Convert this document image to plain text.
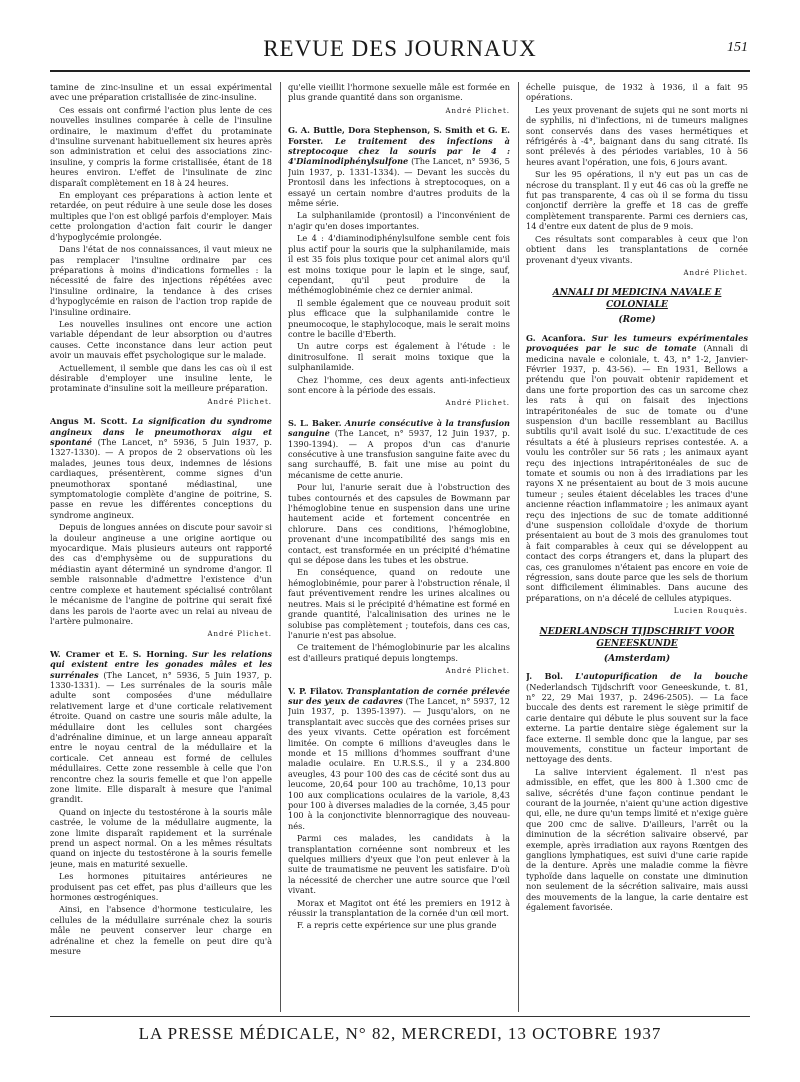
REVUE DES JOURNAUX	151

tamine de zinc-insuline et un essai expérimental avec une préparation cristallisée de zinc-insuline.

Ces essais ont confirmé l'action plus lente de ces nouvelles insulines comparée à celle de l'insuline ordinaire, le maximum d'effet du protaminate d'insuline survenant habituellement six heures après son administration et celui des associations zinc-insuline, y compris la forme cristallisée, étant de 18 heures environ. L'effet de l'insulinate de zinc disparaît complètement en 18 à 24 heures.

En employant ces préparations à action lente et retardée, on peut réduire à une seule dose les doses multiples que l'on est obligé parfois d'employer. Mais cette prolongation d'action fait courir le danger d'hypoglycémie prolongée.

Dans l'état de nos connaissances, il vaut mieux ne pas remplacer l'insuline ordinaire par ces préparations à moins d'indications formelles : la nécessité de faire des injections répétées avec l'insuline ordinaire, la tendance à des crises d'hypoglycémie en raison de l'action trop rapide de l'insuline ordinaire.

Les nouvelles insulines ont encore une action variable dépendant de leur absorption ou d'autres causes. Cette inconstance dans leur action peut avoir un mauvais effet psychologique sur le malade.

Actuellement, il semble que dans les cas où il est désirable d'employer une insuline lente, le protaminate d'insuline soit la meilleure préparation.

André Plichet.

Angus M. Scott. La signification du syndrome angineux dans le pneumothorax aigu et spontané (The Lancet, n° 5936, 5 Juin 1937, p. 1327-1330). — A propos de 2 observations où les malades, jeunes tous deux, indemnes de lésions cardiaques, présentèrent, comme signes d'un pneumothorax spontané médiastinal, une symptomatologie complète d'angine de poitrine, S. passe en revue les différentes conceptions du syndrome angineux.

Depuis de longues années on discute pour savoir si la douleur angineuse a une origine aortique ou myocardique. Mais plusieurs auteurs ont rapporté des cas d'emphysème ou de suppurations du médiastin ayant déterminé un syndrome d'angor. Il semble raisonnable d'admettre l'existence d'un centre complexe et hautement spécialisé contrôlant le mécanisme de l'angine de poitrine qui serait fixé dans les parois de l'aorte avec un relai au niveau de l'artère pulmonaire.

André Plichet.

W. Cramer et E. S. Horning. Sur les relations qui existent entre les gonades mâles et les surrénales (The Lancet, n° 5936, 5 Juin 1937, p. 1330-1331). — Les surrénales de la souris mâle adulte sont composées d'une médullaire relativement large et d'une corticale relativement étroite. Quand on castre une souris mâle adulte, la médullaire dont les cellules sont chargées d'adrénaline diminue, et un large anneau apparaît entre le noyau central de la médullaire et la corticale. Cet anneau est formé de cellules médullaires. Cette zone ressemble à celle que l'on rencontre chez la souris femelle et que l'on appelle zone limite. Elle disparaît à mesure que l'animal grandit.

Quand on injecte du testostérone à la souris mâle castrée, le volume de la médullaire augmente, la zone limite disparaît rapidement et la surrénale prend un aspect normal. On a les mêmes résultats quand on injecte du testostérone à la souris femelle jeune, mais en maturité sexuelle.

Les hormones pituitaires antérieures ne produisent pas cet effet, pas plus d'ailleurs que les hormones œstrogéniques.

Ainsi, en l'absence d'hormone testiculaire, les cellules de la médullaire surrénale chez la souris mâle ne peuvent conserver leur charge en adrénaline et chez la femelle on peut dire qu'à mesure

qu'elle vieillit l'hormone sexuelle mâle est formée en plus grande quantité dans son organisme.

André Plichet.

G. A. Buttle, Dora Stephenson, S. Smith et G. E. Forster. Le traitement des infections à streptocoque chez la souris par le 4 : 4'Diaminodiphénylsulfone (The Lancet, n° 5936, 5 Juin 1937, p. 1331-1334). — Devant les succès du Prontosil dans les infections à streptocoques, on a essayé un certain nombre d'autres produits de la même série.

La sulphanilamide (prontosil) a l'inconvénient de n'agir qu'en doses importantes.

Le 4 : 4'diaminodiphénylsulfone semble cent fois plus actif pour la souris que la sulphanilamide, mais il est 35 fois plus toxique pour cet animal alors qu'il est moins toxique pour le lapin et le singe, sauf, cependant, qu'il peut produire de la méthémoglobinémie chez ce dernier animal.

Il semble également que ce nouveau produit soit plus efficace que la sulphanilamide contre le pneumocoque, le staphylocoque, mais le serait moins contre le bacille d'Eberth.

Un autre corps est également à l'étude : le dinitrosulfone. Il serait moins toxique que la sulphanilamide.

Chez l'homme, ces deux agents anti-infectieux sont encore à la période des essais.

André Plichet.

S. L. Baker. Anurie consécutive à la transfusion sanguine (The Lancet, n° 5937, 12 Juin 1937, p. 1390-1394). — A propos d'un cas d'anurie consécutive à une transfusion sanguine faite avec du sang surchauffé, B. fait une mise au point du mécanisme de cette anurie.

Pour lui, l'anurie serait due à l'obstruction des tubes contournés et des capsules de Bowmann par l'hémoglobine tenue en suspension dans une urine hautement acide et fortement concentrée en chlorure. Dans ces conditions, l'hémoglobine, provenant d'une incompatibilité des sangs mis en contact, est transformée en un précipité d'hématine qui se dépose dans les tubes et les obstrue.

En conséquence, quand on redoute une hémoglobinémie, pour parer à l'obstruction rénale, il faut préventivement rendre les urines alcalines ou neutres. Mais si le précipité d'hématine est formé en grande quantité, l'alcalinisation des urines ne le solubise pas complètement ; toutefois, dans ces cas, l'anurie n'est pas absolue.

Ce traitement de l'hémoglobinurie par les alcalins est d'ailleurs pratiqué depuis longtemps.

André Plichet.

V. P. Filatov. Transplantation de cornée prélevée sur des yeux de cadavres (The Lancet, n° 5937, 12 Juin 1937, p. 1395-1397). — Jusqu'alors, on ne transplantait avec succès que des cornées prises sur des yeux vivants. Cette opération est forcément limitée. On compte 6 millions d'aveugles dans le monde et 15 millions d'hommes souffrant d'une maladie oculaire. En U.R.S.S., il y a 234.800 aveugles, 43 pour 100 des cas de cécité sont dus au leucome, 20,64 pour 100 au trachôme, 10,13 pour 100 aux complications oculaires de la variole, 8,43 pour 100 à diverses maladies de la cornée, 3,45 pour 100 à la conjonctivite blennorragique des nouveau-nés.

Parmi ces malades, les candidats à la transplantation cornéenne sont nombreux et les quelques milliers d'yeux que l'on peut enlever à la suite de traumatisme ne peuvent les satisfaire. D'où la nécessité de chercher une autre source que l'œil vivant.

Morax et Magitot ont été les premiers en 1912 à réussir la transplantation de la cornée d'un œil mort.

F. a repris cette expérience sur une plus grande

échelle puisque, de 1932 à 1936, il a fait 95 opérations.

Les yeux provenant de sujets qui ne sont morts ni de syphilis, ni d'infections, ni de tumeurs malignes sont conservés dans des vases hermétiques et réfrigérés à -4°, baignant dans du sang citraté. Ils sont prélevés à des périodes variables, 10 à 56 heures avant l'opération, une fois, 6 jours avant.

Sur les 95 opérations, il n'y eut pas un cas de nécrose du transplant. Il y eut 46 cas où la greffe ne fut pas transparente, 4 cas où il se forma du tissu conjonctif derrière la greffe et 18 cas de greffe complètement transparente. Parmi ces derniers cas, 14 d'entre eux datent de plus de 9 mois.

Ces résultats sont comparables à ceux que l'on obtient dans les transplantations de cornée provenant d'yeux vivants.

André Plichet.

ANNALI DI MEDICINA NAVALE E COLONIALE
(Rome)

G. Acanfora. Sur les tumeurs expérimentales provoquées par le suc de tomate (Annali di medicina navale e coloniale, t. 43, n° 1-2, Janvier-Février 1937, p. 43-56). — En 1931, Bellows a prétendu que l'on pouvait obtenir rapidement et dans une forte proportion des cas un sarcome chez les rats à qui on faisait des injections intrapéritonéales de suc de tomate ou d'une suspension d'un bacille ressemblant au Bacillus subtilis qu'il avait isolé du suc. L'exactitude de ces résultats a été à plusieurs reprises contestée. A. a voulu les contrôler sur 56 rats ; les animaux ayant reçu des injections intrapéritonéales de suc de tomate et soumis ou non à des irradiations par les rayons X ne présentaient au bout de 3 mois aucune tumeur ; seules étaient décelables les traces d'une ancienne réaction inflammatoire ; les animaux ayant reçu des injections de suc de tomate additionné d'une suspension colloïdale d'oxyde de thorium présentaient au bout de 3 mois des granulomes tout à fait comparables à ceux qui se développent au contact des corps étrangers et, dans la plupart des cas, ces granulomes n'étaient pas encore en voie de régression, sans doute parce que les sels de thorium sont difficilement éliminables. Dans aucune des préparations, on n'a décelé de cellules atypiques.

Lucien Rouquès.

NEDERLANDSCH TIJDSCHRIFT VOOR GENEESKUNDE
(Amsterdam)

J. Bol. L'autopurification de la bouche (Nederlandsch Tijdschrift voor Geneeskunde, t. 81, n° 22, 29 Mai 1937, p. 2496-2505). — La face buccale des dents est rarement le siège primitif de carie dentaire qui débute le plus souvent sur la face externe. La partie dentaire siège également sur la face externe. Il semble donc que la langue, par ses mouvements, constitue un facteur important de nettoyage des dents.

La salive intervient également. Il n'est pas admissible, en effet, que les 800 à 1.300 cmc de salive, sécrétés d'une façon continue pendant le courant de la journée, n'aient qu'une action digestive qui, elle, ne dure qu'un temps limité et n'exige guère que 200 cmc de salive. D'ailleurs, l'arrêt ou la diminution de la sécrétion salivaire observé, par exemple, après irradiation aux rayons Rœntgen des ganglions lymphatiques, est suivi d'une carie rapide de la denture. Après une maladie comme la fièvre typhoïde dans laquelle on constate une diminution non seulement de la sécrétion salivaire, mais aussi des mouvements de la langue, la carie dentaire est également favorisée.

LA PRESSE MÉDICALE, N° 82, MERCREDI, 13 OCTOBRE 1937
